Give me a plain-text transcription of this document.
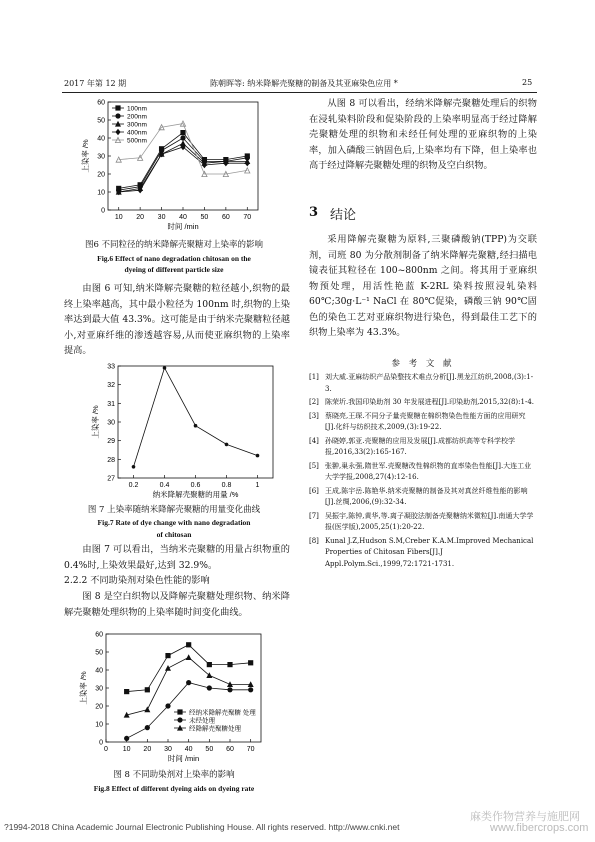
2017 年第 12 期	陈朝晖等: 纳米降解壳聚糖的制备及其亚麻染色应用 *	25
10 20 30 40 50 60 70
0
10
20
30
40
50
60
时间 /min
上染率 /%
100nm
200nm
300nm
400nm
500nm
图6 不同粒径的纳米降解壳聚糖对上染率的影响
Fig.6 Effect of nano degradation chitosan on the
dyeing of different particle size
由图 6 可知,纳米降解壳聚糖的粒径越小,织物的最终上染率越高，其中最小粒径为 100nm 时,织物的上染率达到最大值 43.3%。这可能是由于纳米壳聚糖粒径越小,对亚麻纤维的渗透越容易,从而使亚麻织物的上染率提高。
0.2	0.4	0.6	0.8	1
27
28
29
30
31
32
33
纳米降解壳聚糖的用量 /%
上染率 /%
图 7 上染率随纳米降解壳聚糖的用量变化曲线
Fig.7 Rate of dye change with nano degradation
of chitosan
由图 7 可以看出，当纳米壳聚糖的用量占织物重的 0.4%时,上染效果最好,达到 32.9%。
2.2.2 不同助染剂对染色性能的影响
图 8 是空白织物以及降解壳聚糖处理织物、纳米降解壳聚糖处理织物的上染率随时间变化曲线。
0 10 20 30 40 50 60 70
0
10
20
30
40
50
60
时间 /min
上染率 /%
经纳米降解壳聚糖 处理
未经处理
经降解壳聚糖处理
图 8 不同助染剂对上染率的影响
Fig.8 Effect of different dyeing aids on dyeing rate
从图 8 可以看出，经纳米降解壳聚糖处理后的织物在浸轧染料阶段和促染阶段的上染率明显高于经过降解壳聚糖处理的织物和未经任何处理的亚麻织物的上染率，加入磷酸三钠固色后,上染率均有下降，但上染率也高于经过降解壳聚糖处理的织物及空白织物。
3 结论
采用降解壳聚糖为原料,三聚磷酸钠(TPP)为交联剂，司班 80 为分散剂制备了纳米降解壳聚糖,经扫描电镜表征其粒径在 100~800nm 之间。将其用于亚麻织物预处理，用活性艳蓝 K-2RL 染料按照浸轧染料 60℃;30g·L⁻¹ NaCl 在 80℃促染，磷酸三钠 90℃固色的染色工艺对亚麻织物进行染色，得到最佳工艺下的织物上染率为 43.3%。
参 考 文 献
[1] 刘大威.亚麻纺织产品染整技术难点分析[J].黑龙江纺织,2008,(3):1-3.
[2] 陈荣圻.我国印染助剂 30 年发展进程[J].印染助剂,2015,32(8):1-4.
[3] 蔡晓亮,王琛.不同分子量壳聚糖在棉织物染色性能方面的应用研究[J].化纤与纺织技术,2009,(3):19-22.
[4] 孙晓婷,郭亚.壳聚糖的应用及发展[J].成都纺织高等专科学校学报,2016,33(2):165-167.
[5] 张翀,巢永强,隋世军.壳聚糖改性棉织物的直率染色性能[J].大连工业大学学报,2008,27(4):12-16.
[6] 王成,陈宇岳.陈艳华.纳米壳聚糖的制备及其对真丝纤维性能的影响[J].丝绸,2006,(9):32-34.
[7] 吴振宇,陈钟,黄华,等.离子凝胶法制备壳聚糖纳米微粒[J].南通大学学报(医学版),2005,25(1):20-22.
[8] Kunal J.Z,Hudson S.M,Creber K.A.M.Improved Mechanical Properties of Chitosan Fibers[J].J Appl.Polym.Sci.,1999,72:1721-1731.
?1994-2018 China Academic Journal Electronic Publishing House. All rights reserved. http://www.cnki.net
麻类作物营养与施肥网
www.fibercrops.com
